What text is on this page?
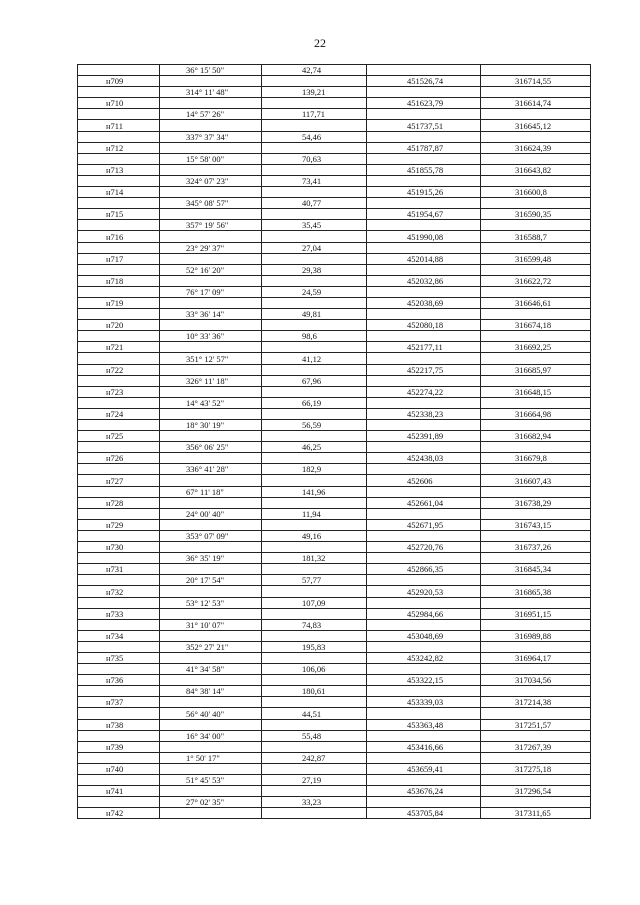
22
	36° 15' 50"	42,74		
н709			451526,74	316714,55
	314° 11' 48"	139,21		
н710			451623,79	316614,74
	14° 57' 26"	117,71		
н711			451737,51	316645,12
	337° 37' 34"	54,46		
н712			451787,87	316624,39
	15° 58' 00"	70,63		
н713			451855,78	316643,82
	324° 07' 23"	73,41		
н714			451915,26	316600,8
	345° 08' 57"	40,77		
н715			451954,67	316590,35
	357° 19' 56"	35,45		
н716			451990,08	316588,7
	23° 29' 37"	27,04		
н717			452014,88	316599,48
	52° 16' 20"	29,38		
н718			452032,86	316622,72
	76° 17' 09"	24,59		
н719			452038,69	316646,61
	33° 36' 14"	49,81		
н720			452080,18	316674,18
	10° 33' 36"	98,6		
н721			452177,11	316692,25
	351° 12' 57"	41,12		
н722			452217,75	316685,97
	326° 11' 18"	67,96		
н723			452274,22	316648,15
	14° 43' 52"	66,19		
н724			452338,23	316664,98
	18° 30' 19"	56,59		
н725			452391,89	316682,94
	356° 06' 25"	46,25		
н726			452438,03	316679,8
	336° 41' 28"	182,9		
н727			452606	316607,43
	67° 11' 18"	141,96		
н728			452661,04	316738,29
	24° 00' 40"	11,94		
н729			452671,95	316743,15
	353° 07' 09"	49,16		
н730			452720,76	316737,26
	36° 35' 19"	181,32		
н731			452866,35	316845,34
	20° 17' 54"	57,77		
н732			452920,53	316865,38
	53° 12' 53"	107,09		
н733			452984,66	316951,15
	31° 10' 07"	74,83		
н734			453048,69	316989,88
	352° 27' 21"	195,83		
н735			453242,82	316964,17
	41° 34' 58"	106,06		
н736			453322,15	317034,56
	84° 38' 14"	180,61		
н737			453339,03	317214,38
	56° 40' 40"	44,51		
н738			453363,48	317251,57
	16° 34' 00"	55,48		
н739			453416,66	317267,39
	1° 50' 17"	242,87		
н740			453659,41	317275,18
	51° 45' 53"	27,19		
н741			453676,24	317296,54
	27° 02' 35"	33,23		
н742			453705,84	317311,65
